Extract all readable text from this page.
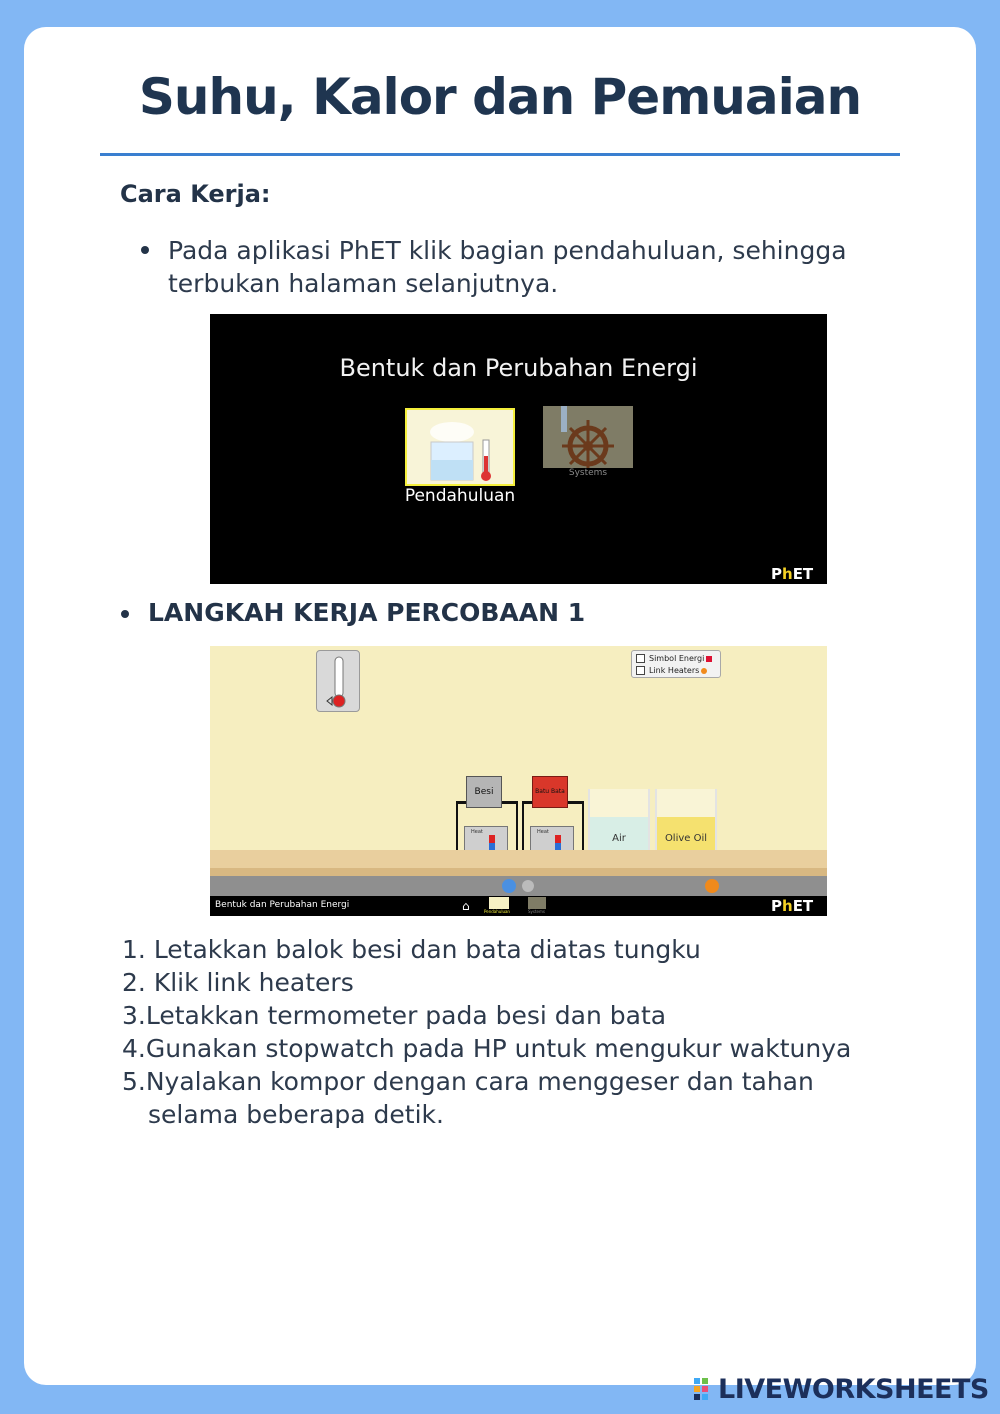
Suhu, Kalor dan Pemuaian
Cara Kerja:
Pada aplikasi PhET klik bagian pendahuluan, sehingga
terbukan halaman selanjutnya.
Bentuk dan Perubahan Energi
Pendahuluan
Systems
PhET ⋮
LANGKAH KERJA PERCOBAAN 1
Simbol Energi
Link Heaters
Heat	Heat
Besi	Batu Bata
Air	Olive Oil
Bentuk dan Perubahan Energi	⌂	Pendahuluan	Systems	PhET ⋮
1. Letakkan balok besi dan bata diatas tungku
2. Klik link heaters
3.Letakkan termometer pada besi dan bata
4.Gunakan stopwatch pada HP untuk mengukur waktunya
5.Nyalakan kompor dengan cara menggeser dan tahan
selama beberapa detik.
LIVEWORKSHEETS
